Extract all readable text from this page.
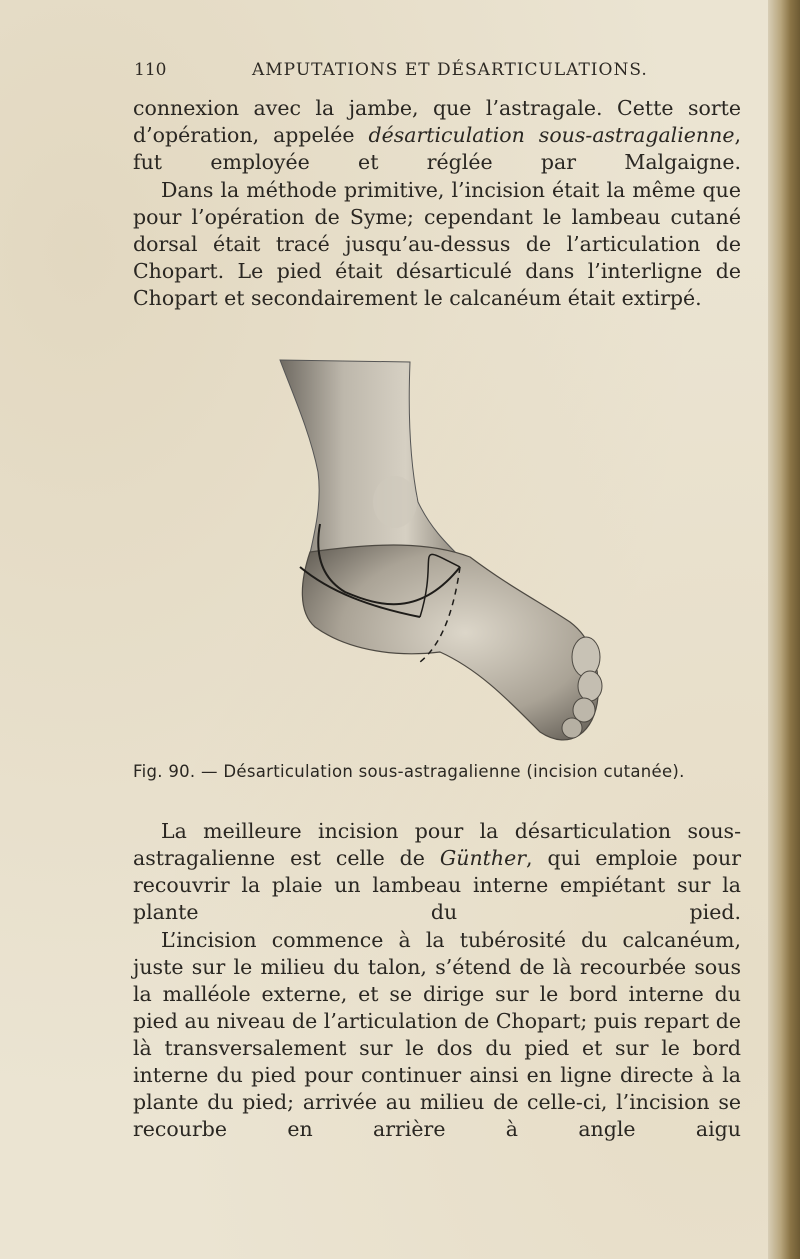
110	AMPUTATIONS ET DÉSARTICULATIONS.

connexion avec la jambe, que l’astragale. Cette sorte d’opération, appelée désarticulation sous-astragalienne, fut employée et réglée par Malgaigne.

Dans la méthode primitive, l’incision était la même que pour l’opération de Syme; cependant le lambeau cutané dorsal était tracé jusqu’au-dessus de l’articulation de Chopart. Le pied était désarticulé dans l’interligne de Chopart et secondairement le calcanéum était extirpé.

Fig. 90. — Désarticulation sous-astragalienne (incision cutanée).

La meilleure incision pour la désarticulation sous-astragalienne est celle de Günther, qui emploie pour recouvrir la plaie un lambeau interne empiétant sur la plante du pied.

L’incision commence à la tubérosité du calcanéum, juste sur le milieu du talon, s’étend de là recourbée sous la malléole externe, et se dirige sur le bord interne du pied au niveau de l’articulation de Chopart; puis repart de là transversalement sur le dos du pied et sur le bord interne du pied pour continuer ainsi en ligne directe à la plante du pied; arrivée au milieu de celle-ci, l’incision se recourbe en arrière à angle aigu
